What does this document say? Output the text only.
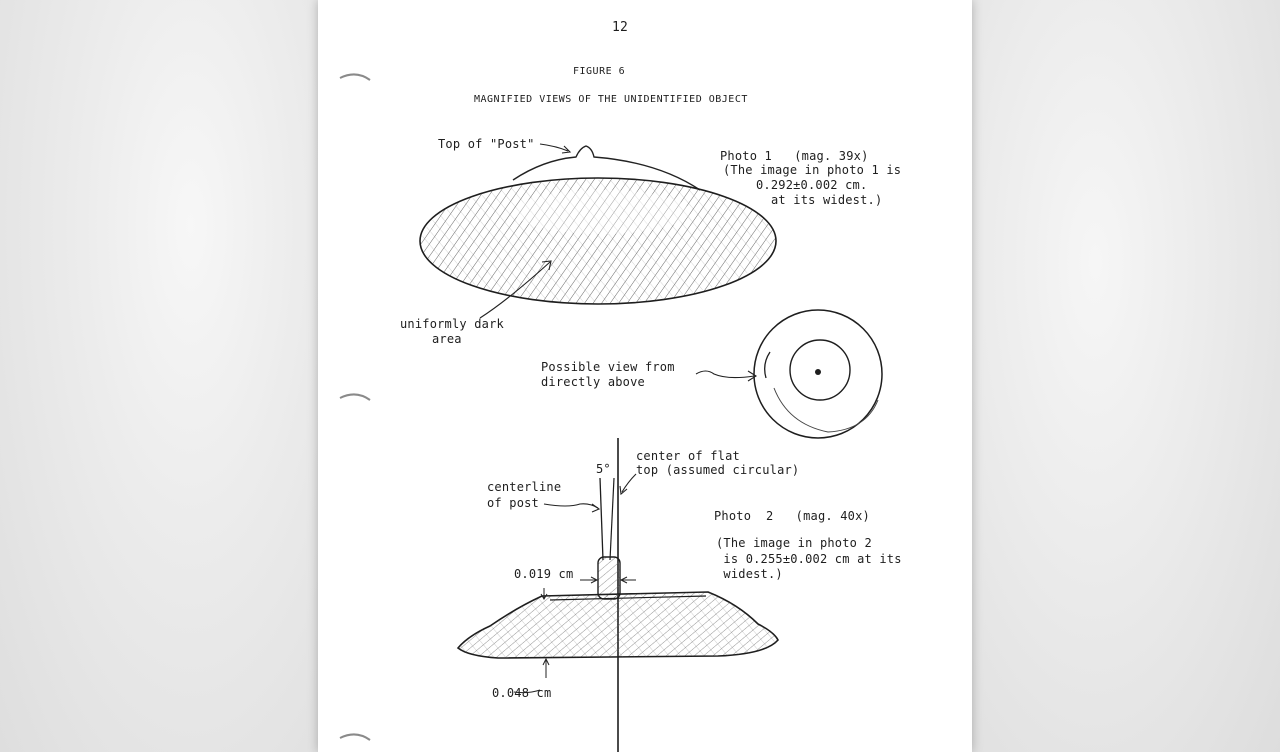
12
FIGURE 6
MAGNIFIED VIEWS OF THE UNIDENTIFIED OBJECT
Top of "Post"
Photo 1   (mag. 39x)
(The image in photo 1 is
0.292±0.002 cm.
at its widest.)
uniformly dark
area
Possible view from
directly above
5°
center of flat
top (assumed circular)
centerline
of post
Photo  2   (mag. 40x)
(The image in photo 2
is 0.255±0.002 cm at its
widest.)
0.019 cm
0.048 cm
